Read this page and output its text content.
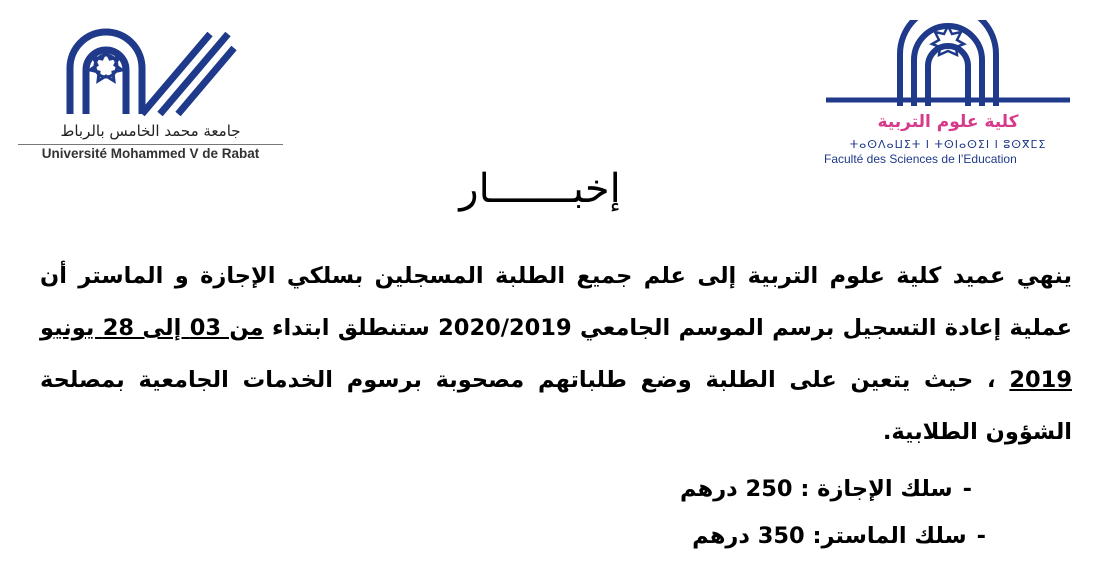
جامعة محمد الخامس بالرباط
Université Mohammed V de Rabat
كلية علوم التربية
ⵜⴰⵙⴷⴰⵡⵉⵜ ⵏ ⵜⵙⵏⴰⵙⵉⵏ ⵏ ⵓⵙⴳⵎⵉ
Faculté des Sciences de l’Education
إخبـــــــار
ينهي عميد كلية علوم التربية إلى علم جميع الطلبة المسجلين بسلكي الإجازة و الماستر أن عملية إعادة التسجيل برسم الموسم الجامعي 2020/2019 ستنطلق ابتداء من 03 إلى 28 يونيو 2019 ، حيث يتعين على الطلبة وضع طلباتهم مصحوبة برسوم الخدمات الجامعية بمصلحة الشؤون الطلابية.
-سلك الإجازة : 250 درهم
-سلك الماستر: 350 درهم
